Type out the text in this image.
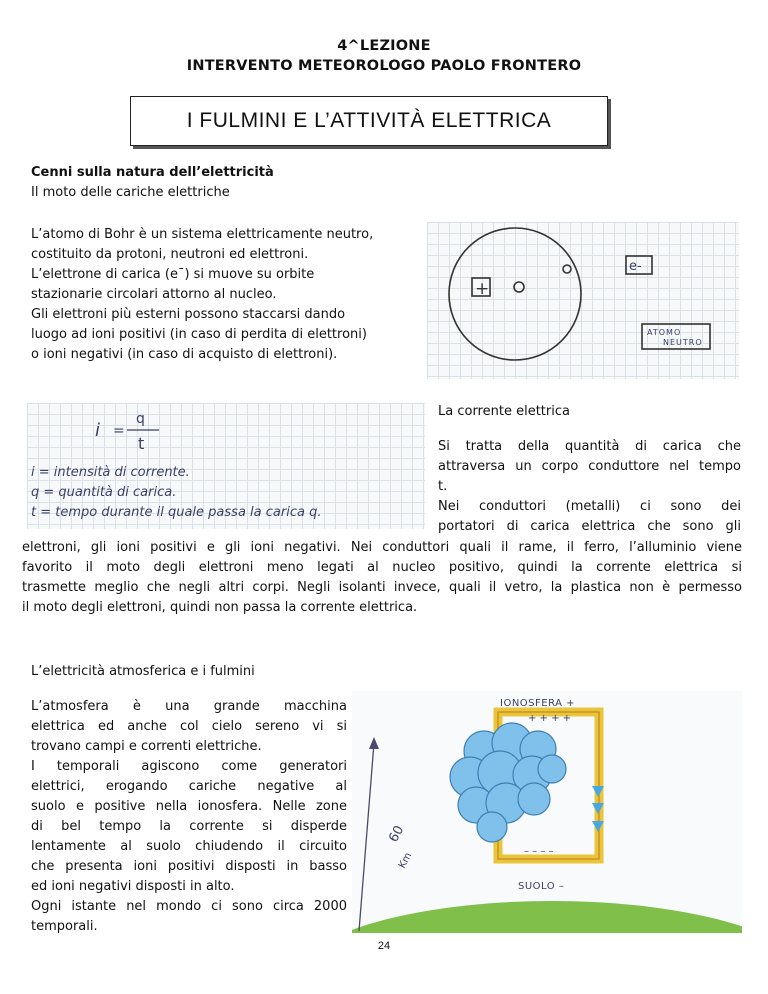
4^LEZIONE
INTERVENTO METEOROLOGO PAOLO FRONTERO
I FULMINI E L’ATTIVITÀ ELETTRICA
Cenni sulla natura dell’elettricità
Il moto delle cariche elettriche
L’atomo di Bohr è un sistema elettricamente neutro,
costituito da protoni, neutroni ed elettroni.
L’elettrone di carica (e¯) si muove su orbite
stazionarie circolari attorno al nucleo.
Gli elettroni più esterni possono staccarsi dando
luogo ad ioni positivi (in caso di perdita di elettroni)
o ioni negativi (in caso di acquisto di elettroni).
+
e-
ATOMO
NEUTRO
i =
q
t
i = intensità di corrente.
q = quantità di carica.
t = tempo durante il quale passa la carica q.
La corrente elettrica
Si tratta della quantità di carica che
attraversa un corpo conduttore nel tempo
t.
Nei conduttori (metalli) ci sono dei
portatori di carica elettrica che sono gli
elettroni, gli ioni positivi e gli ioni negativi. Nei conduttori quali il rame, il ferro, l’alluminio viene
favorito il moto degli elettroni meno legati al nucleo positivo, quindi la corrente elettrica si
trasmette meglio che negli altri corpi. Negli isolanti invece, quali il vetro, la plastica non è permesso
il moto degli elettroni, quindi non passa la corrente elettrica.
L’elettricità atmosferica e i fulmini
L’atmosfera è una grande macchina
elettrica ed anche col cielo sereno vi si
trovano campi e correnti elettriche.
I temporali agiscono come generatori
elettrici, erogando cariche negative al
suolo e positive nella ionosfera. Nelle zone
di bel tempo la corrente si disperde
lentamente al suolo chiudendo il circuito
che presenta ioni positivi disposti in basso
ed ioni negativi disposti in alto.
Ogni istante nel mondo ci sono circa 2000
temporali.
60
Km
IONOSFERA +
+ + + +
– – – –
SUOLO –
24
